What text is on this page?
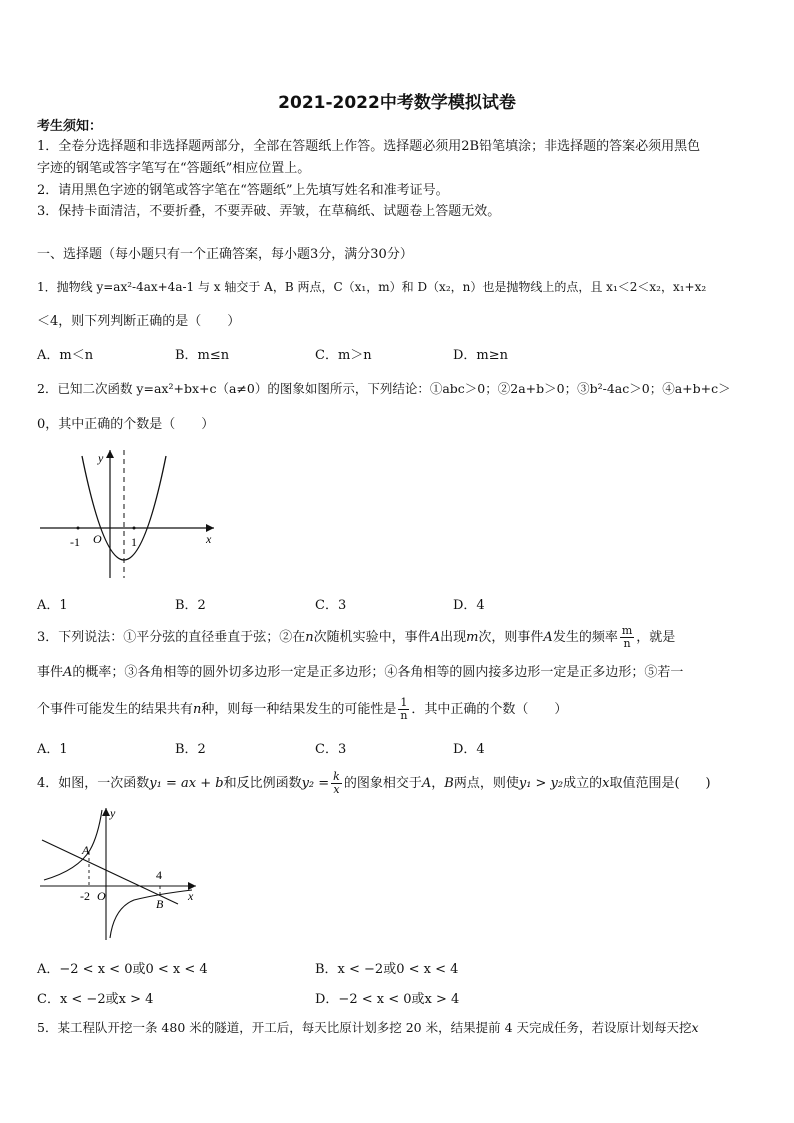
2021-2022中考数学模拟试卷
考生须知：
1．全卷分选择题和非选择题两部分，全部在答题纸上作答。选择题必须用2B铅笔填涂；非选择题的答案必须用黑色
字迹的钢笔或答字笔写在“答题纸”相应位置上。
2．请用黑色字迹的钢笔或答字笔在“答题纸”上先填写姓名和准考证号。
3．保持卡面清洁，不要折叠，不要弄破、弄皱，在草稿纸、试题卷上答题无效。
一、选择题（每小题只有一个正确答案，每小题3分，满分30分）
1．抛物线 y=ax²-4ax+4a-1 与 x 轴交于 A，B 两点，C（x₁，m）和 D（x₂，n）也是抛物线上的点，且 x₁＜2＜x₂，x₁+x₂
＜4，则下列判断正确的是（　　）
A．m＜n	B．m≤n	C．m＞n	D．m≥n
2．已知二次函数 y=ax²+bx+c（a≠0）的图象如图所示，下列结论：①abc＞0；②2a+b＞0；③b²-4ac＞0；④a+b+c＞
0，其中正确的个数是（　　）
y
x
O
-1	1
A．1	B．2	C．3	D．4
3．下列说法：①平分弦的直径垂直于弦；②在n次随机实验中，事件A出现m次，则事件A发生的频率 $\frac{m}{n}$ ，就是
事件A的概率；③各角相等的圆外切多边形一定是正多边形；④各角相等的圆内接多边形一定是正多边形；⑤若一
个事件可能发生的结果共有n种，则每一种结果发生的可能性是 $\frac{1}{n}$ ．其中正确的个数（　　）
A．1	B．2	C．3	D．4
4．如图，一次函数y₁ = ax + b和反比例函数$y_2 = \frac{k}{x}$ 的图象相交于A，B两点，则使y₁ > y₂成立的x取值范围是(　　)
y
x
O
-2
4
A
B
A．−2 < x < 0或0 < x < 4	B．x < −2或0 < x < 4
C．x < −2或x > 4	D．−2 < x < 0或x > 4
5．某工程队开挖一条 480 米的隧道，开工后，每天比原计划多挖 20 米，结果提前 4 天完成任务，若设原计划每天挖x
